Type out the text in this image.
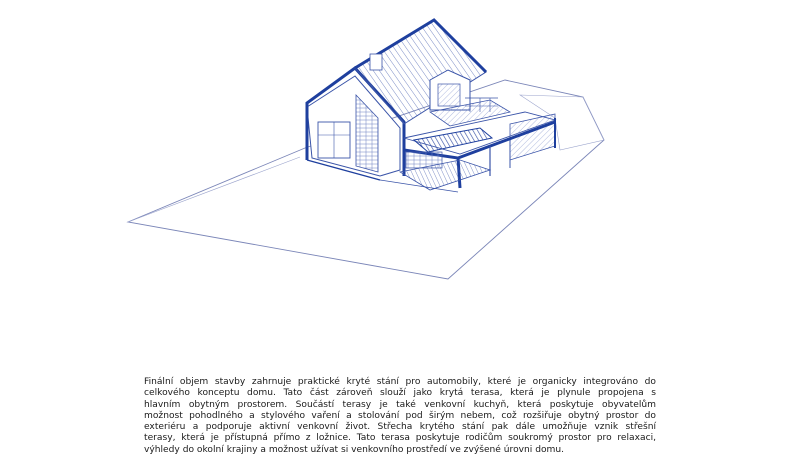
Finální objem stavby zahrnuje praktické kryté stání pro automobily, které je organicky integrováno do
celkového konceptu domu. Tato část zároveň slouží jako krytá terasa, která je plynule propojena s
hlavním obytným prostorem. Součástí terasy je také venkovní kuchyň, která poskytuje obyvatelům
možnost pohodlného a stylového vaření a stolování pod širým nebem, což rozšiřuje obytný prostor do
exteriéru a podporuje aktivní venkovní život. Střecha krytého stání pak dále umožňuje vznik střešní
terasy, která je přístupná přímo z ložnice. Tato terasa poskytuje rodičům soukromý prostor pro relaxaci,
výhledy do okolní krajiny a možnost užívat si venkovního prostředí ve zvýšené úrovni domu.
